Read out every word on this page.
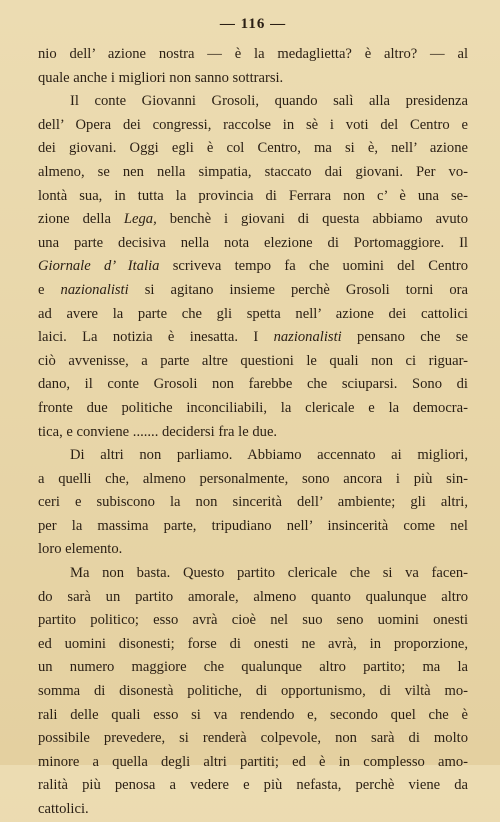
— 116 —
nio dell’ azione nostra — è la medaglietta? è altro? — al
quale anche i migliori non sanno sottrarsi.
Il conte Giovanni Grosoli, quando salì alla presidenza
dell’ Opera dei congressi, raccolse in sè i voti del Centro e
dei giovani. Oggi egli è col Centro, ma si è, nell’ azione
almeno, se nen nella simpatia, staccato dai giovani. Per vo-
lontà sua, in tutta la provincia di Ferrara non c’ è una se-
zione della Lega, benchè i giovani di questa abbiamo avuto
una parte decisiva nella nota elezione di Portomaggiore. Il
Giornale d’ Italia scriveva tempo fa che uomini del Centro
e nazionalisti si agitano insieme perchè Grosoli torni ora
ad avere la parte che gli spetta nell’ azione dei cattolici
laici. La notizia è inesatta. I nazionalisti pensano che se
ciò avvenisse, a parte altre questioni le quali non ci riguar-
dano, il conte Grosoli non farebbe che sciuparsi. Sono di
fronte due politiche inconciliabili, la clericale e la democra-
tica, e conviene ....... decidersi fra le due.
Di altri non parliamo. Abbiamo accennato ai migliori,
a quelli che, almeno personalmente, sono ancora i più sin-
ceri e subiscono la non sincerità dell’ ambiente; gli altri,
per la massima parte, tripudiano nell’ insincerità come nel
loro elemento.
Ma non basta. Questo partito clericale che si va facen-
do sarà un partito amorale, almeno quanto qualunque altro
partito politico; esso avrà cioè nel suo seno uomini onesti
ed uomini disonesti; forse di onesti ne avrà, in proporzione,
un numero maggiore che qualunque altro partito; ma la
somma di disonestà politiche, di opportunismo, di viltà mo-
rali delle quali esso si va rendendo e, secondo quel che è
possibile prevedere, si renderà colpevole, non sarà di molto
minore a quella degli altri partiti; ed è in complesso amo-
ralità più penosa a vedere e più nefasta, perchè viene da
cattolici.
